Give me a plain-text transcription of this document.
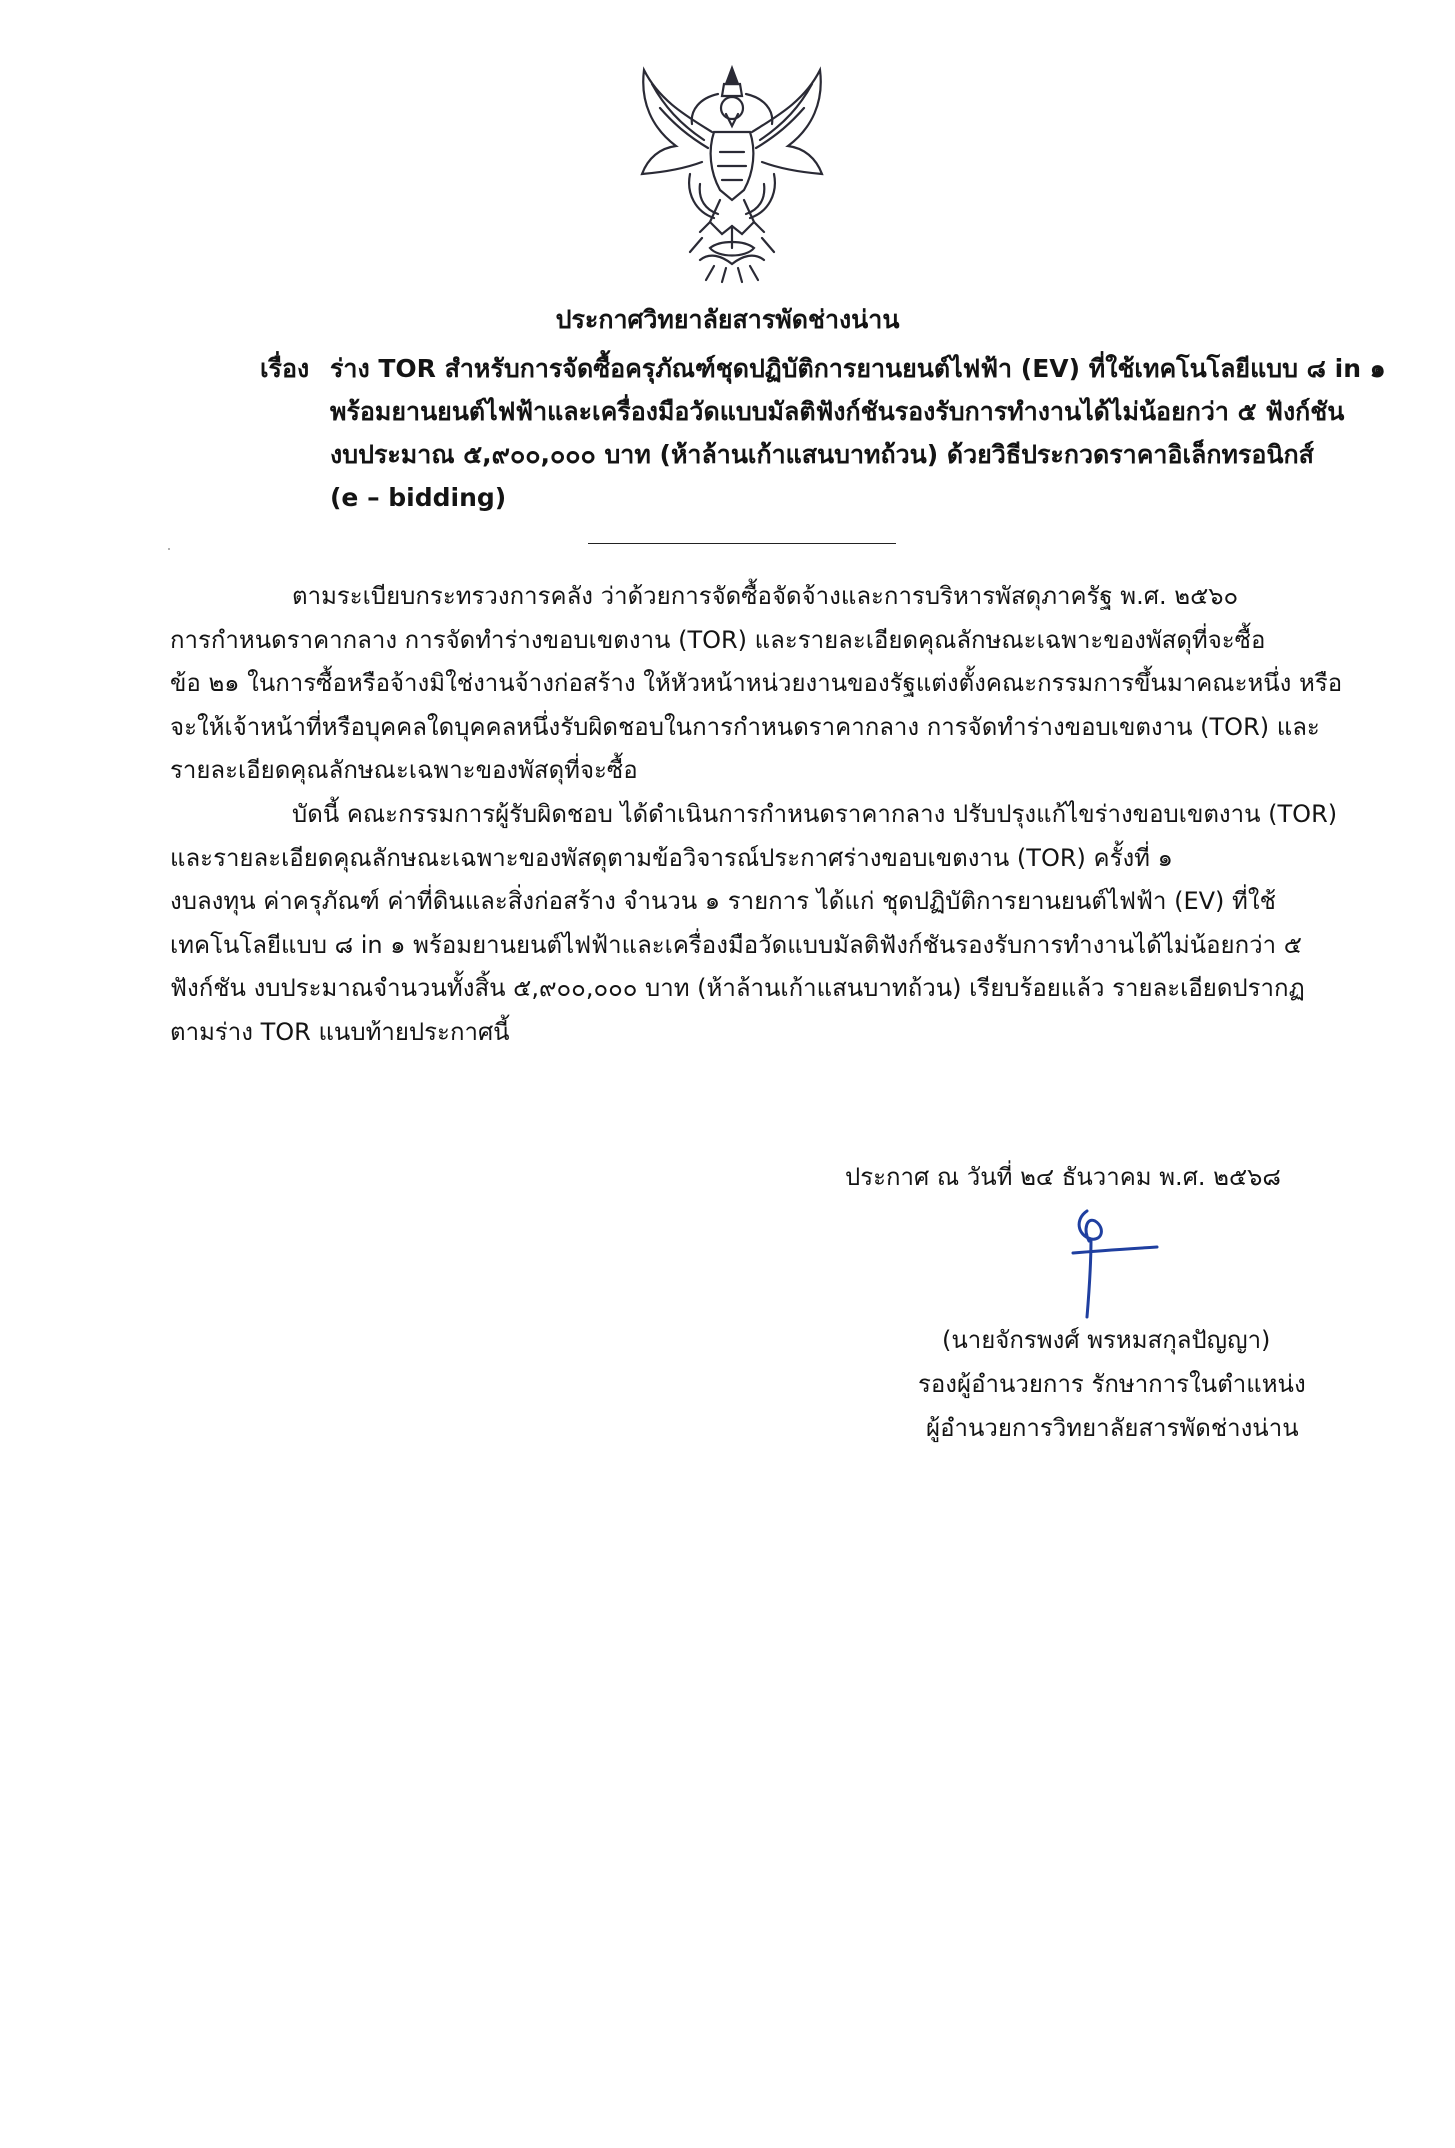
ประกาศวิทยาลัยสารพัดช่างน่าน
เรื่อง ร่าง TOR สำหรับการจัดซื้อครุภัณฑ์ชุดปฏิบัติการยานยนต์ไฟฟ้า (EV) ที่ใช้เทคโนโลยีแบบ ๘ in ๑
พร้อมยานยนต์ไฟฟ้าและเครื่องมือวัดแบบมัลติฟังก์ชันรองรับการทำงานได้ไม่น้อยกว่า ๕ ฟังก์ชัน
งบประมาณ ๕,๙๐๐,๐๐๐ บาท (ห้าล้านเก้าแสนบาทถ้วน) ด้วยวิธีประกวดราคาอิเล็กทรอนิกส์
(e – bidding)
ตามระเบียบกระทรวงการคลัง ว่าด้วยการจัดซื้อจัดจ้างและการบริหารพัสดุภาครัฐ พ.ศ. ๒๕๖๐
การกำหนดราคากลาง การจัดทำร่างขอบเขตงาน (TOR) และรายละเอียดคุณลักษณะเฉพาะของพัสดุที่จะซื้อ
ข้อ ๒๑ ในการซื้อหรือจ้างมิใช่งานจ้างก่อสร้าง ให้หัวหน้าหน่วยงานของรัฐแต่งตั้งคณะกรรมการขึ้นมาคณะหนึ่ง หรือ
จะให้เจ้าหน้าที่หรือบุคคลใดบุคคลหนึ่งรับผิดชอบในการกำหนดราคากลาง การจัดทำร่างขอบเขตงาน (TOR) และ
รายละเอียดคุณลักษณะเฉพาะของพัสดุที่จะซื้อ
บัดนี้ คณะกรรมการผู้รับผิดชอบ ได้ดำเนินการกำหนดราคากลาง ปรับปรุงแก้ไขร่างขอบเขตงาน (TOR)
และรายละเอียดคุณลักษณะเฉพาะของพัสดุตามข้อวิจารณ์ประกาศร่างขอบเขตงาน (TOR) ครั้งที่ ๑
งบลงทุน ค่าครุภัณฑ์ ค่าที่ดินและสิ่งก่อสร้าง จำนวน ๑ รายการ ได้แก่ ชุดปฏิบัติการยานยนต์ไฟฟ้า (EV) ที่ใช้
เทคโนโลยีแบบ ๘ in ๑ พร้อมยานยนต์ไฟฟ้าและเครื่องมือวัดแบบมัลติฟังก์ชันรองรับการทำงานได้ไม่น้อยกว่า ๕
ฟังก์ชัน งบประมาณจำนวนทั้งสิ้น ๕,๙๐๐,๐๐๐ บาท (ห้าล้านเก้าแสนบาทถ้วน) เรียบร้อยแล้ว รายละเอียดปรากฏ
ตามร่าง TOR แนบท้ายประกาศนี้
ประกาศ ณ วันที่ ๒๔ ธันวาคม พ.ศ. ๒๕๖๘
(นายจักรพงศ์ พรหมสกุลปัญญา)
รองผู้อำนวยการ รักษาการในตำแหน่ง
ผู้อำนวยการวิทยาลัยสารพัดช่างน่าน
